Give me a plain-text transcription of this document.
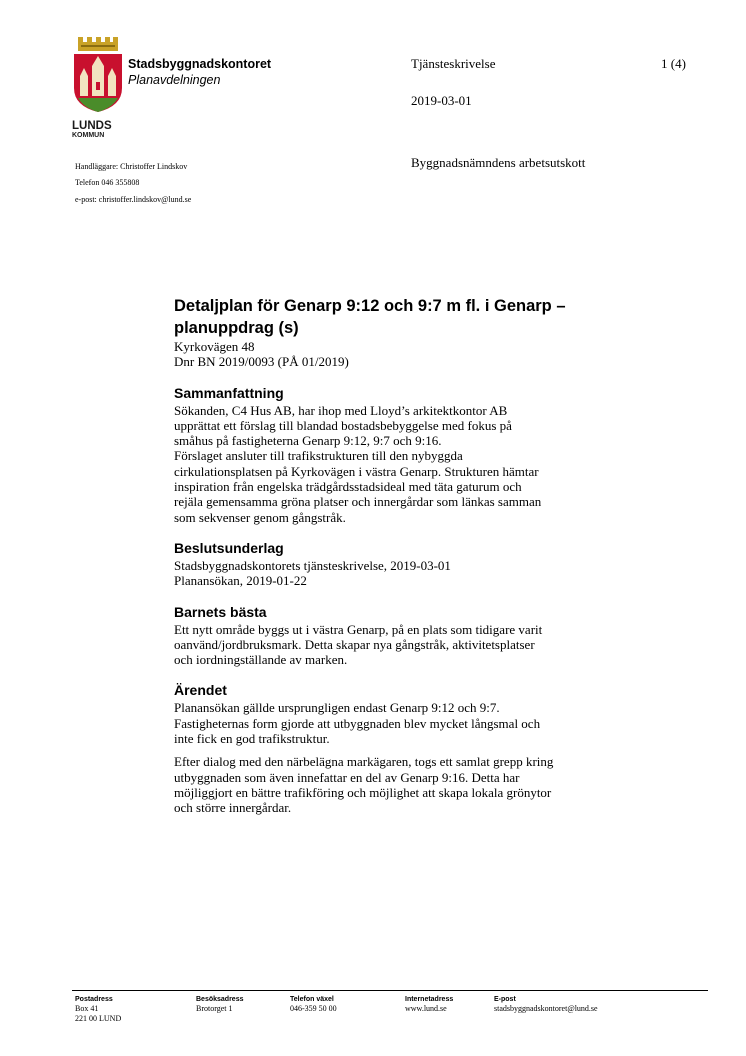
LUNDS
KOMMUN
Stadsbyggnadskontoret
Planavdelningen
Tjänsteskrivelse
2019-03-01
1 (4)
Byggnadsnämndens arbetsutskott
Handläggare: Christoffer Lindskov
Telefon 046 355808
e-post: christoffer.lindskov@lund.se
Detaljplan för Genarp 9:12 och 9:7 m fl. i Genarp –
planuppdrag (s)

Kyrkovägen 48

Dnr BN 2019/0093 (PÅ 01/2019)

Sammanfattning

Sökanden, C4 Hus AB, har ihop med Lloyd’s arkitektkontor AB

upprättat ett förslag till blandad bostadsbebyggelse med fokus på

småhus på fastigheterna Genarp 9:12, 9:7 och 9:16.

Förslaget ansluter till trafikstrukturen till den nybyggda

cirkulationsplatsen på Kyrkovägen i västra Genarp. Strukturen hämtar

inspiration från engelska trädgårdsstadsideal med täta gaturum och

rejäla gemensamma gröna platser och innergårdar som länkas samman

som sekvenser genom gångstråk.

Beslutsunderlag

Stadsbyggnadskontorets tjänsteskrivelse, 2019-03-01

Planansökan, 2019-01-22

Barnets bästa

Ett nytt område byggs ut i västra Genarp, på en plats som tidigare varit

oanvänd/jordbruksmark. Detta skapar nya gångstråk, aktivitetsplatser

och iordningställande av marken.

Ärendet

Planansökan gällde ursprungligen endast Genarp 9:12 och 9:7.

Fastigheternas form gjorde att utbyggnaden blev mycket långsmal och

inte fick en god trafikstruktur.

Efter dialog med den närbelägna markägaren, togs ett samlat grepp kring

utbyggnaden som även innefattar en del av Genarp 9:16. Detta har

möjliggjort en bättre trafikföring och möjlighet att skapa lokala grönytor

och större innergårdar.

Postadress
Box 41
221 00 LUND
Besöksadress
Brotorget 1
Telefon växel
046-359 50 00
Internetadress
www.lund.se
E-post
stadsbyggnadskontoret@lund.se
